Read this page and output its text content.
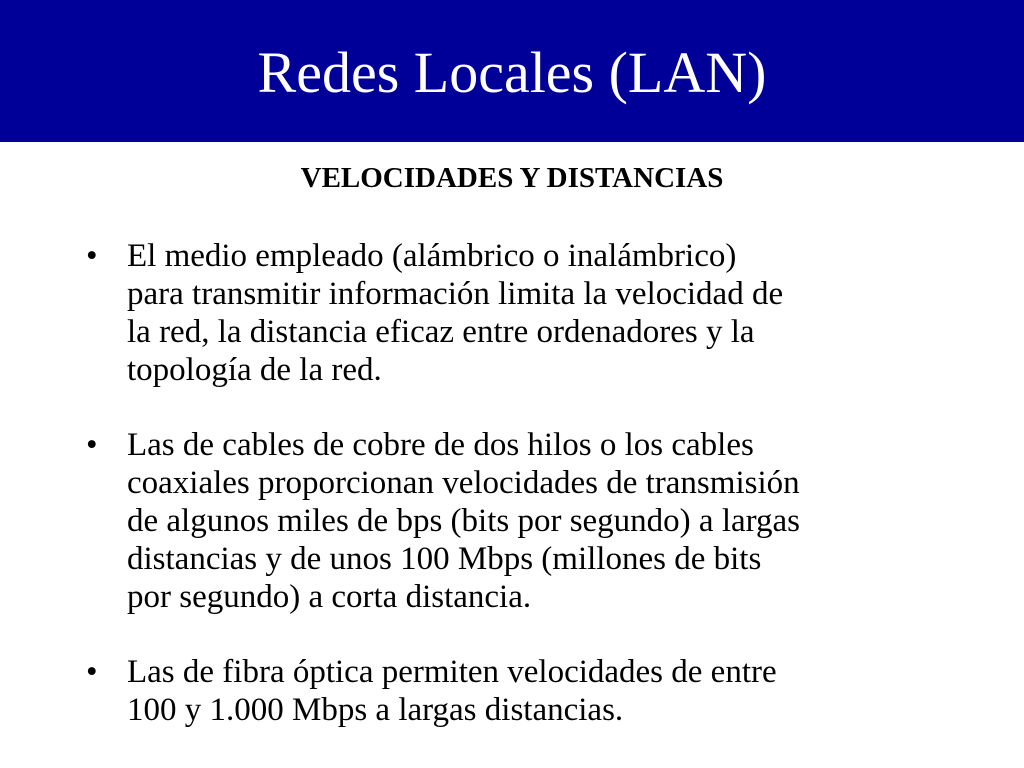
Redes Locales (LAN)
VELOCIDADES Y DISTANCIAS
• El medio empleado (alámbrico o inalámbrico)
para transmitir información limita la velocidad de
la red, la distancia eficaz entre ordenadores y la
topología de la red.
• Las de cables de cobre de dos hilos o los cables
coaxiales proporcionan velocidades de transmisión
de algunos miles de bps (bits por segundo) a largas
distancias y de unos 100 Mbps (millones de bits
por segundo) a corta distancia.
• Las de fibra óptica permiten velocidades de entre
100 y 1.000 Mbps a largas distancias.
